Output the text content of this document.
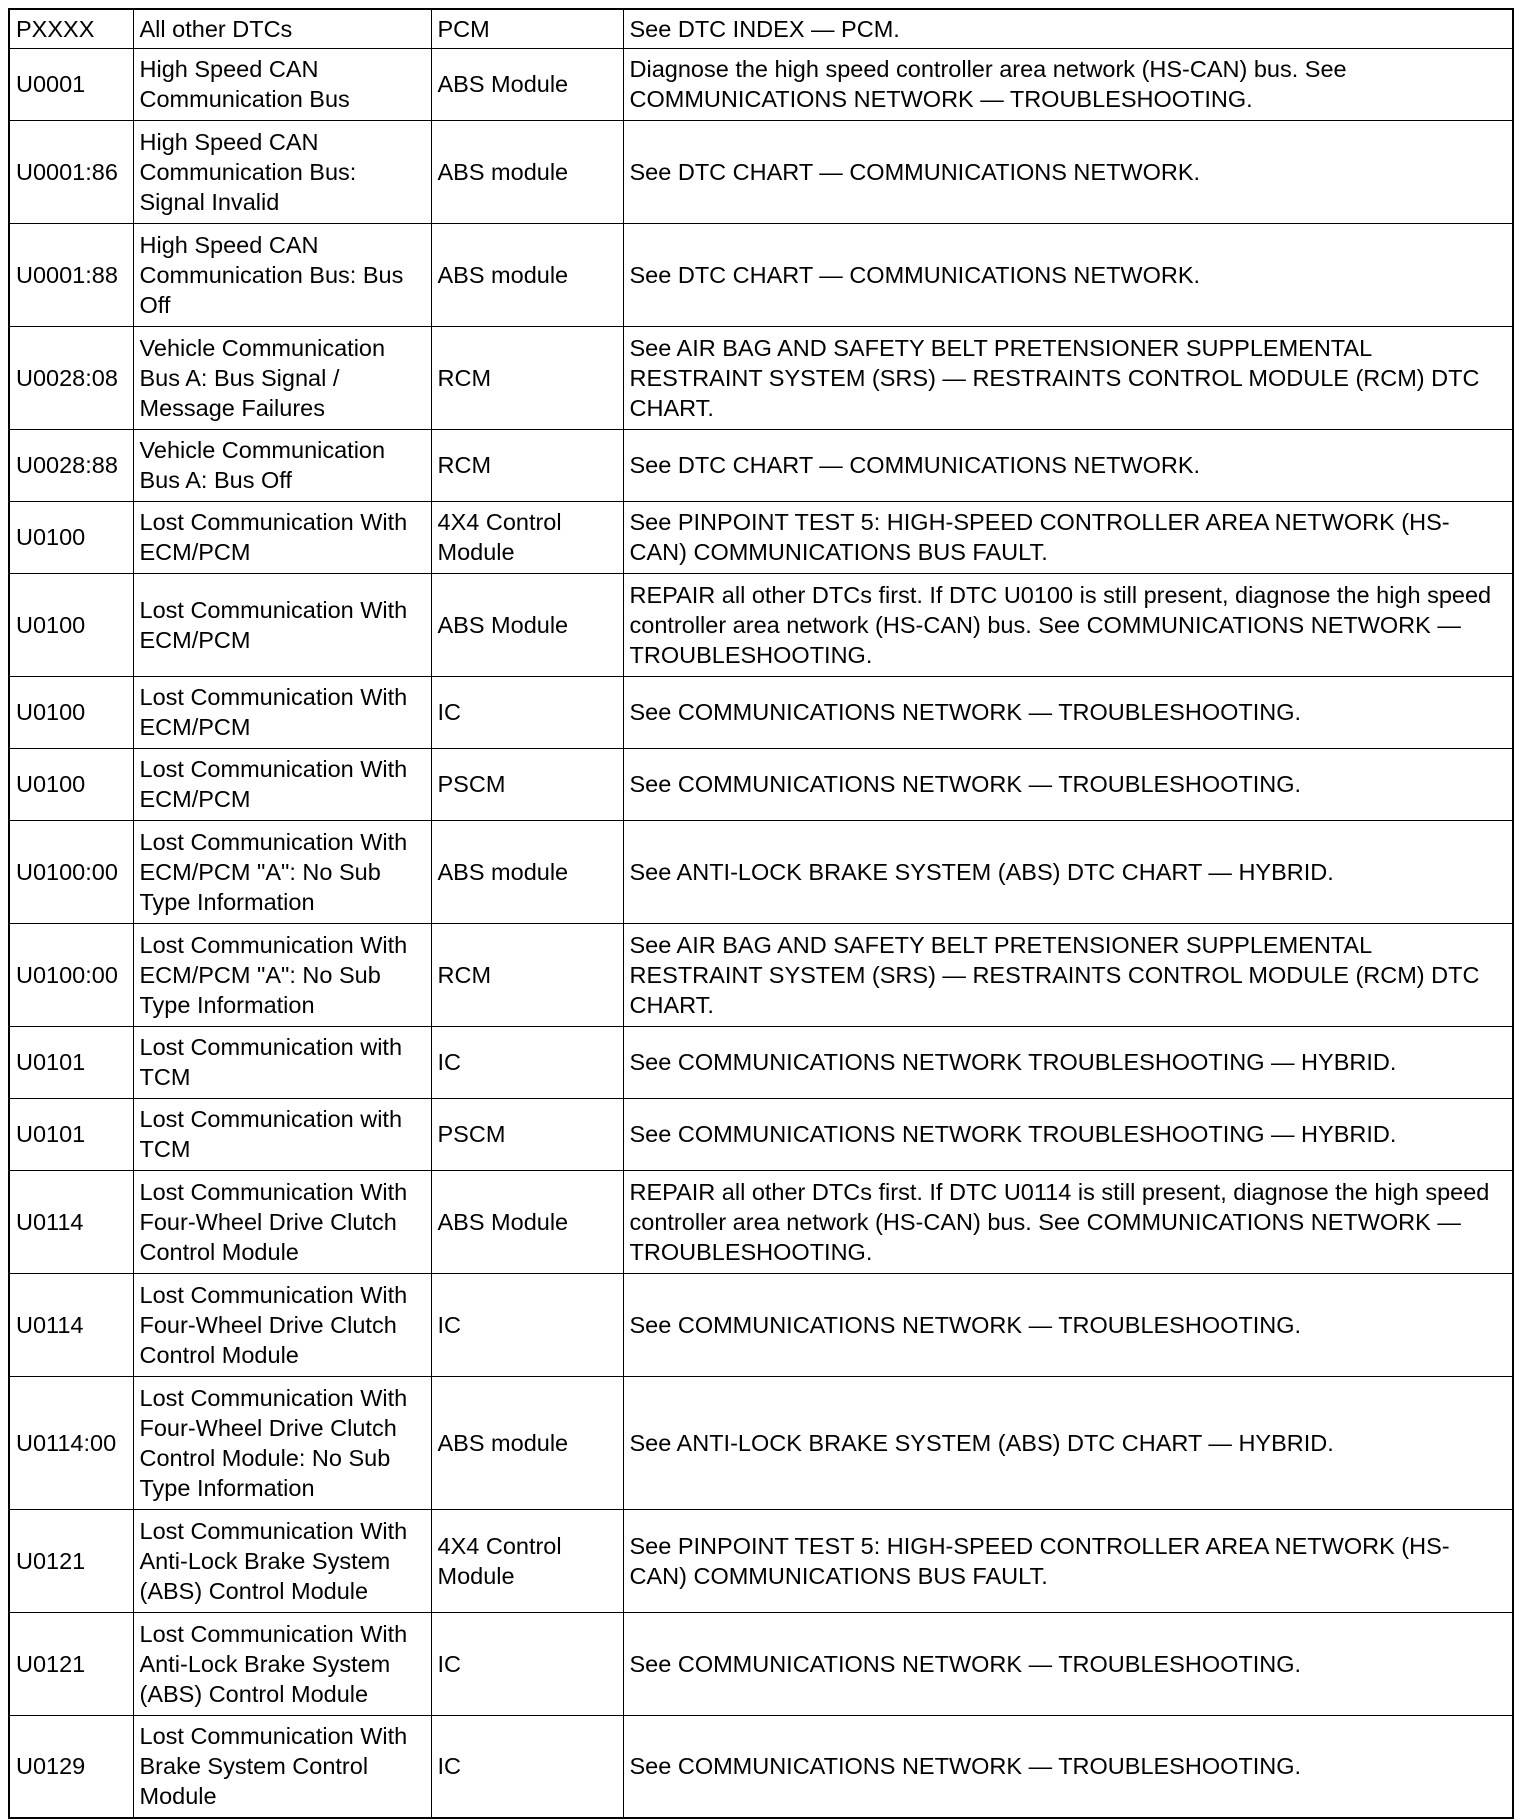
PXXXX	All other DTCs	PCM	See DTC INDEX — PCM.
U0001	High Speed CAN Communication Bus	ABS Module	Diagnose the high speed controller area network (HS-CAN) bus. See COMMUNICATIONS NETWORK — TROUBLESHOOTING.
U0001:86	High Speed CAN Communication Bus: Signal Invalid	ABS module	See DTC CHART — COMMUNICATIONS NETWORK.
U0001:88	High Speed CAN Communication Bus: Bus Off	ABS module	See DTC CHART — COMMUNICATIONS NETWORK.
U0028:08	Vehicle Communication Bus A: Bus Signal / Message Failures	RCM	See AIR BAG AND SAFETY BELT PRETENSIONER SUPPLEMENTAL RESTRAINT SYSTEM (SRS) — RESTRAINTS CONTROL MODULE (RCM) DTC CHART.
U0028:88	Vehicle Communication Bus A: Bus Off	RCM	See DTC CHART — COMMUNICATIONS NETWORK.
U0100	Lost Communication With ECM/PCM	4X4 Control Module	See PINPOINT TEST 5: HIGH-SPEED CONTROLLER AREA NETWORK (HS-CAN) COMMUNICATIONS BUS FAULT.
U0100	Lost Communication With ECM/PCM	ABS Module	REPAIR all other DTCs first. If DTC U0100 is still present, diagnose the high speed controller area network (HS-CAN) bus. See COMMUNICATIONS NETWORK — TROUBLESHOOTING.
U0100	Lost Communication With ECM/PCM	IC	See COMMUNICATIONS NETWORK — TROUBLESHOOTING.
U0100	Lost Communication With ECM/PCM	PSCM	See COMMUNICATIONS NETWORK — TROUBLESHOOTING.
U0100:00	Lost Communication With ECM/PCM "A": No Sub Type Information	ABS module	See ANTI-LOCK BRAKE SYSTEM (ABS) DTC CHART — HYBRID.
U0100:00	Lost Communication With ECM/PCM "A": No Sub Type Information	RCM	See AIR BAG AND SAFETY BELT PRETENSIONER SUPPLEMENTAL RESTRAINT SYSTEM (SRS) — RESTRAINTS CONTROL MODULE (RCM) DTC CHART.
U0101	Lost Communication with TCM	IC	See COMMUNICATIONS NETWORK TROUBLESHOOTING — HYBRID.
U0101	Lost Communication with TCM	PSCM	See COMMUNICATIONS NETWORK TROUBLESHOOTING — HYBRID.
U0114	Lost Communication With Four-Wheel Drive Clutch Control Module	ABS Module	REPAIR all other DTCs first. If DTC U0114 is still present, diagnose the high speed controller area network (HS-CAN) bus. See COMMUNICATIONS NETWORK — TROUBLESHOOTING.
U0114	Lost Communication With Four-Wheel Drive Clutch Control Module	IC	See COMMUNICATIONS NETWORK — TROUBLESHOOTING.
U0114:00	Lost Communication With Four-Wheel Drive Clutch Control Module: No Sub Type Information	ABS module	See ANTI-LOCK BRAKE SYSTEM (ABS) DTC CHART — HYBRID.
U0121	Lost Communication With Anti-Lock Brake System (ABS) Control Module	4X4 Control Module	See PINPOINT TEST 5: HIGH-SPEED CONTROLLER AREA NETWORK (HS-CAN) COMMUNICATIONS BUS FAULT.
U0121	Lost Communication With Anti-Lock Brake System (ABS) Control Module	IC	See COMMUNICATIONS NETWORK — TROUBLESHOOTING.
U0129	Lost Communication With Brake System Control Module	IC	See COMMUNICATIONS NETWORK — TROUBLESHOOTING.
